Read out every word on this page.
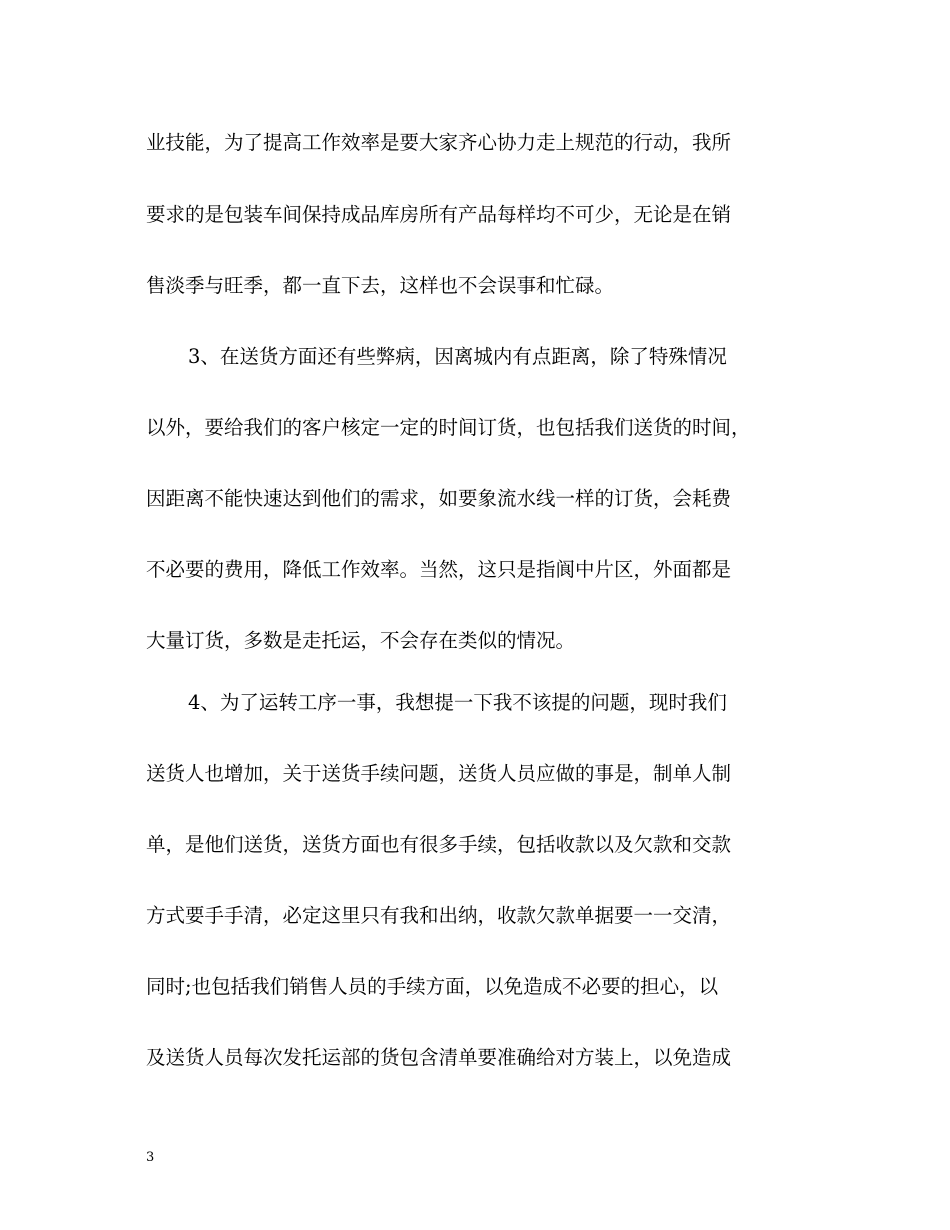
业技能，为了提高工作效率是要大家齐心协力走上规范的行动，我所
要求的是包装车间保持成品库房所有产品每样均不可少，无论是在销
售淡季与旺季，都一直下去，这样也不会误事和忙碌。
3、在送货方面还有些弊病，因离城内有点距离，除了特殊情况
以外，要给我们的客户核定一定的时间订货，也包括我们送货的时间，
因距离不能快速达到他们的需求，如要象流水线一样的订货，会耗费
不必要的费用，降低工作效率。当然，这只是指阆中片区，外面都是
大量订货，多数是走托运，不会存在类似的情况。
4、为了运转工序一事，我想提一下我不该提的问题，现时我们
送货人也增加，关于送货手续问题，送货人员应做的事是，制单人制
单，是他们送货，送货方面也有很多手续，包括收款以及欠款和交款
方式要手手清，必定这里只有我和出纳，收款欠款单据要一一交清，
同时;也包括我们销售人员的手续方面，以免造成不必要的担心，以
及送货人员每次发托运部的货包含清单要准确给对方装上，以免造成
3
